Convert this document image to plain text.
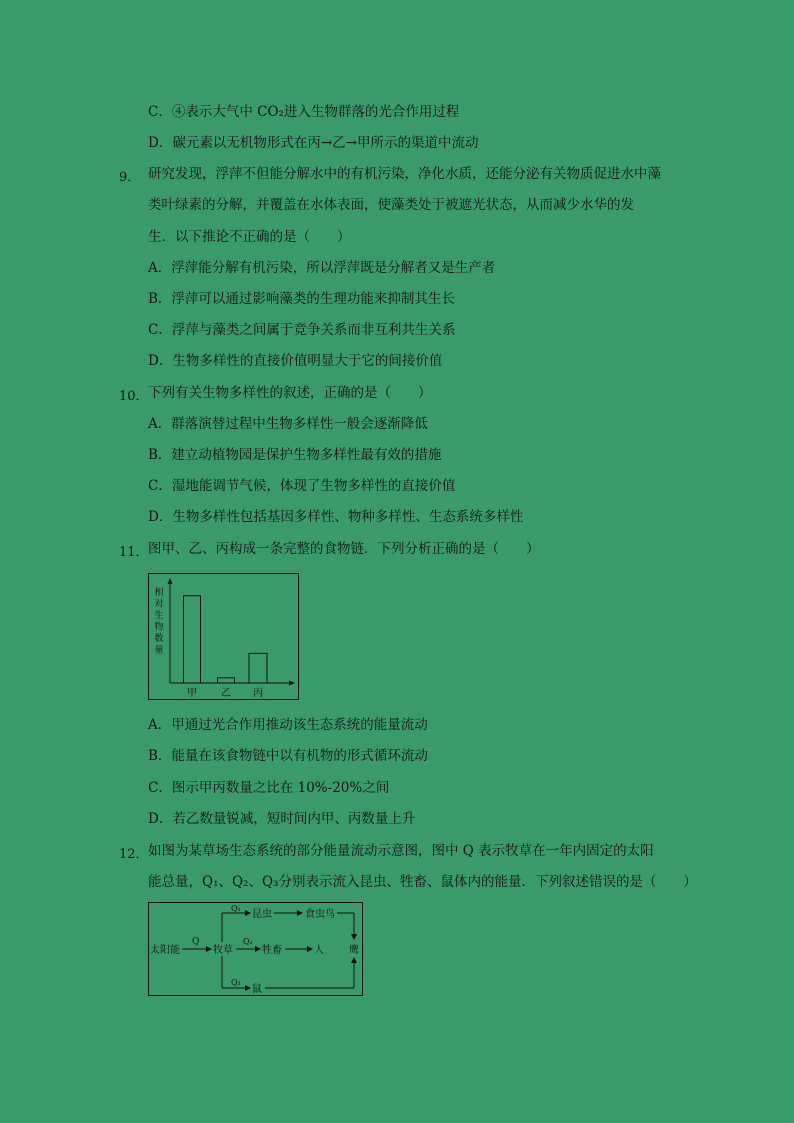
C．④表示大气中 CO₂进入生物群落的光合作用过程
D．碳元素以无机物形式在丙→乙→甲所示的渠道中流动
9． 研究发现，浮萍不但能分解水中的有机污染，净化水质，还能分泌有关物质促进水中藻
类叶绿素的分解，并覆盖在水体表面，使藻类处于被遮光状态，从而减少水华的发
生．以下推论不正确的是（　　）
A．浮萍能分解有机污染，所以浮萍既是分解者又是生产者
B．浮萍可以通过影响藻类的生理功能来抑制其生长
C．浮萍与藻类之间属于竞争关系而非互利共生关系
D．生物多样性的直接价值明显大于它的间接价值
10． 下列有关生物多样性的叙述，正确的是（　　）
A．群落演替过程中生物多样性一般会逐渐降低
B．建立动植物园是保护生物多样性最有效的措施
C．湿地能调节气候，体现了生物多样性的直接价值
D．生物多样性包括基因多样性、物种多样性、生态系统多样性
11． 图甲、乙、丙构成一条完整的食物链．下列分析正确的是（　　）
相
对
生
物
数
量
甲 乙 丙
A．甲通过光合作用推动该生态系统的能量流动
B．能量在该食物链中以有机物的形式循环流动
C．图示甲丙数量之比在 10%-20%之间
D．若乙数量锐减，短时间内甲、丙数量上升
12． 如图为某草场生态系统的部分能量流动示意图，图中 Q 表示牧草在一年内固定的太阳
能总量，Q₁、Q₂、Q₃分别表示流入昆虫、牲畜、鼠体内的能量．下列叙述错误的是（　　）
太阳能
Q
牧草
Q₁
昆虫	食虫鸟
Q₂
牲畜	人	鹰
Q₃
鼠
